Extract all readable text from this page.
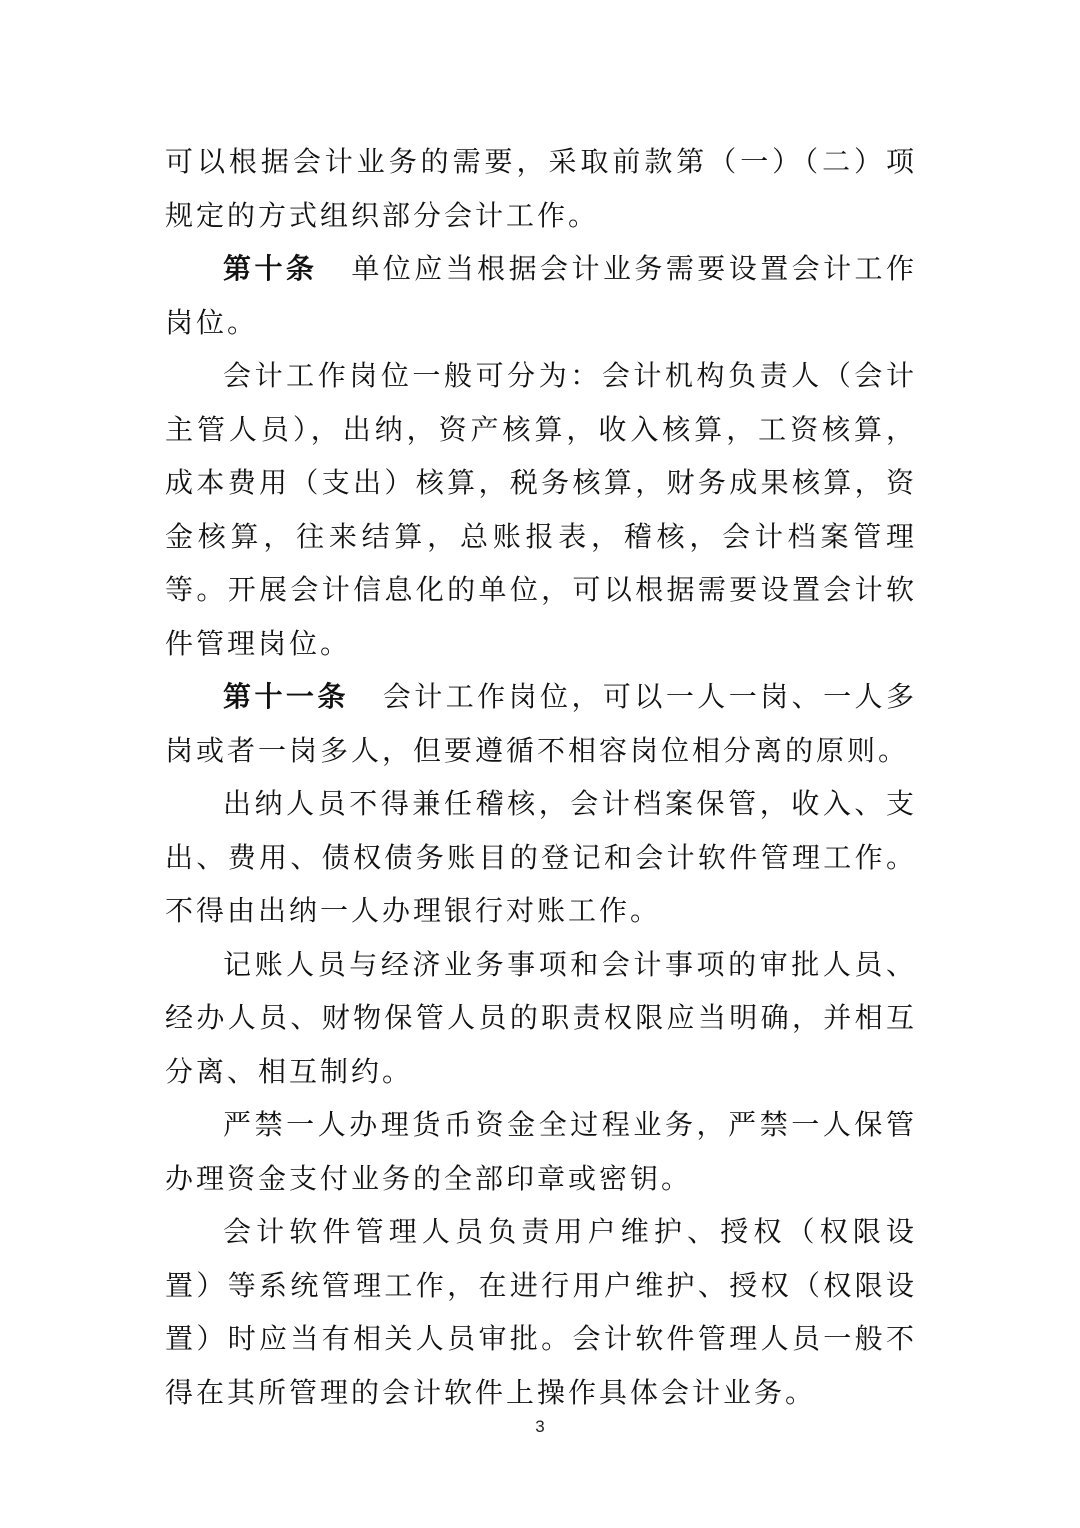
可以根据会计业务的需要，采取前款第（一）（二）项规定的方式组织部分会计工作。

第十条 单位应当根据会计业务需要设置会计工作岗位。

会计工作岗位一般可分为：会计机构负责人（会计主管人员），出纳，资产核算，收入核算，工资核算，成本费用（支出）核算，税务核算，财务成果核算，资金核算，往来结算，总账报表，稽核，会计档案管理等。开展会计信息化的单位，可以根据需要设置会计软件管理岗位。

第十一条 会计工作岗位，可以一人一岗、一人多岗或者一岗多人，但要遵循不相容岗位相分离的原则。

出纳人员不得兼任稽核，会计档案保管，收入、支出、费用、债权债务账目的登记和会计软件管理工作。不得由出纳一人办理银行对账工作。

记账人员与经济业务事项和会计事项的审批人员、经办人员、财物保管人员的职责权限应当明确，并相互分离、相互制约。

严禁一人办理货币资金全过程业务，严禁一人保管办理资金支付业务的全部印章或密钥。

会计软件管理人员负责用户维护、授权（权限设置）等系统管理工作，在进行用户维护、授权（权限设置）时应当有相关人员审批。会计软件管理人员一般不得在其所管理的会计软件上操作具体会计业务。

3
